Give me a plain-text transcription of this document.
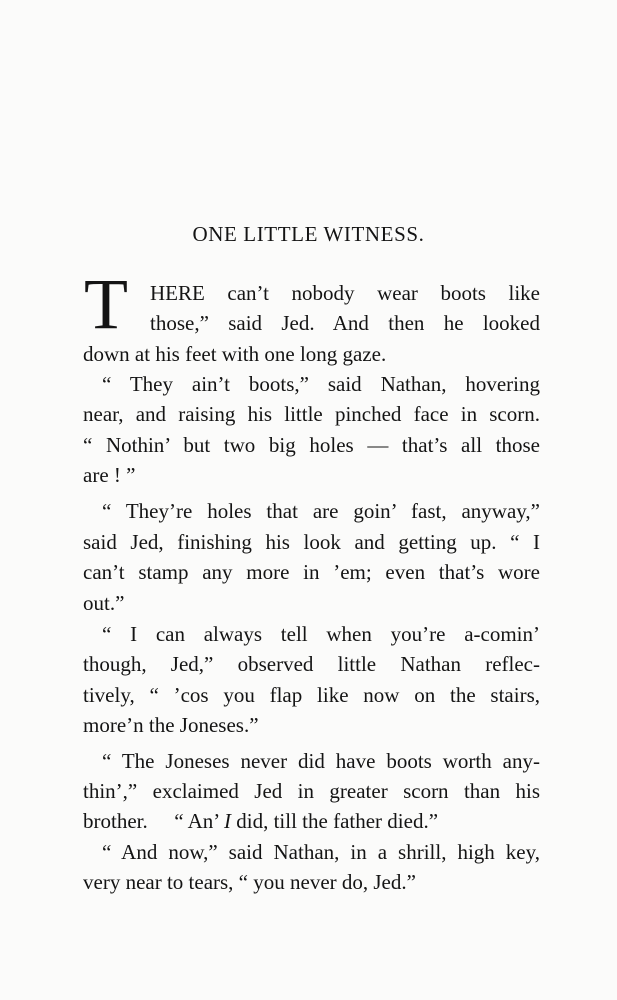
ONE LITTLE WITNESS.
T HERE can’t nobody wear boots like
those,” said Jed. And then he looked
down at his feet with one long gaze.
“ They ain’t boots,” said Nathan, hovering
near, and raising his little pinched face in scorn.
“ Nothin’ but two big holes — that’s all those
are ! ”
“ They’re holes that are goin’ fast, anyway,”
said Jed, finishing his look and getting up. “ I
can’t stamp any more in ’em; even that’s wore
out.”
“ I can always tell when you’re a-comin’
though, Jed,” observed little Nathan reflec-
tively, “ ’cos you flap like now on the stairs,
more’n the Joneses.”
“ The Joneses never did have boots worth any-
thin’,” exclaimed Jed in greater scorn than his
brother. “ An’ I did, till the father died.”
“ And now,” said Nathan, in a shrill, high key,
very near to tears, “ you never do, Jed.”
